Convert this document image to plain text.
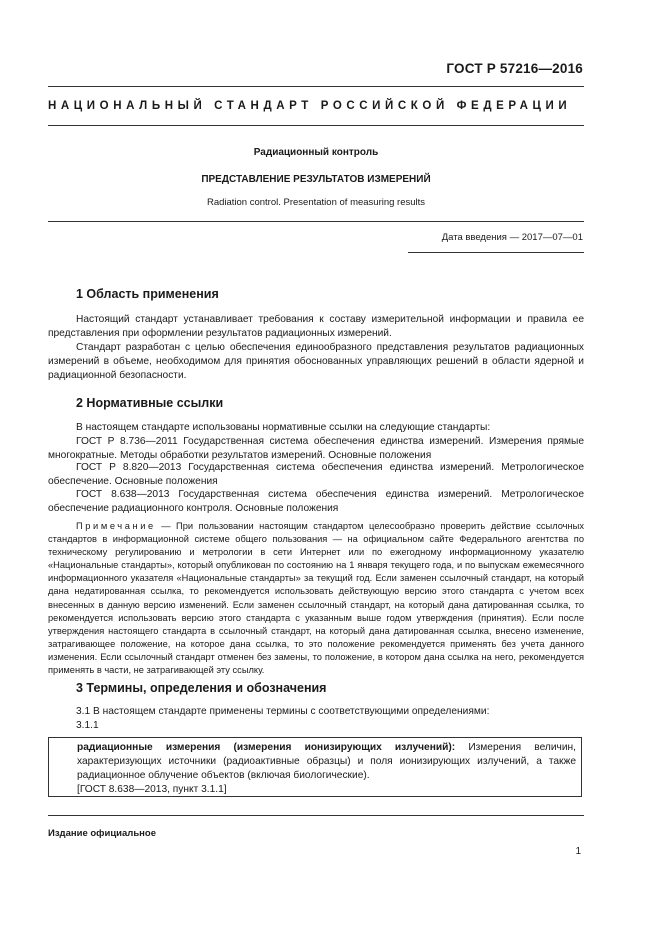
ГОСТ Р 57216—2016
НАЦИОНАЛЬНЫЙ СТАНДАРТ РОССИЙСКОЙ ФЕДЕРАЦИИ
Радиационный контроль
ПРЕДСТАВЛЕНИЕ РЕЗУЛЬТАТОВ ИЗМЕРЕНИЙ
Radiation control. Presentation of measuring results
Дата введения — 2017—07—01
1 Область применения

Настоящий стандарт устанавливает требования к составу измерительной информации и правила ее представления при оформлении результатов радиационных измерений.

Стандарт разработан с целью обеспечения единообразного представления результатов радиационных измерений в объеме, необходимом для принятия обоснованных управляющих решений в области ядерной и радиационной безопасности.

2 Нормативные ссылки

В настоящем стандарте использованы нормативные ссылки на следующие стандарты:

ГОСТ Р 8.736—2011 Государственная система обеспечения единства измерений. Измерения прямые многократные. Методы обработки результатов измерений. Основные положения

ГОСТ Р 8.820—2013 Государственная система обеспечения единства измерений. Метрологическое обеспечение. Основные положения

ГОСТ 8.638—2013 Государственная система обеспечения единства измерений. Метрологическое обеспечение радиационного контроля. Основные положения

Примечание — При пользовании настоящим стандартом целесообразно проверить действие ссылочных стандартов в информационной системе общего пользования — на официальном сайте Федерального агентства по техническому регулированию и метрологии в сети Интернет или по ежегодному информационному указателю «Национальные стандарты», который опубликован по состоянию на 1 января текущего года, и по выпускам ежемесячного информационного указателя «Национальные стандарты» за текущий год. Если заменен ссылочный стандарт, на который дана недатированная ссылка, то рекомендуется использовать действующую версию этого стандарта с учетом всех внесенных в данную версию изменений. Если заменен ссылочный стандарт, на который дана датированная ссылка, то рекомендуется использовать версию этого стандарта с указанным выше годом утверждения (принятия). Если после утверждения настоящего стандарта в ссылочный стандарт, на который дана датированная ссылка, внесено изменение, затрагивающее положение, на которое дана ссылка, то это положение рекомендуется применять без учета данного изменения. Если ссылочный стандарт отменен без замены, то положение, в котором дана ссылка на него, рекомендуется применять в части, не затрагивающей эту ссылку.

3 Термины, определения и обозначения

3.1 В настоящем стандарте применены термины с соответствующими определениями:

3.1.1

радиационные измерения (измерения ионизирующих излучений): Измерения величин, характеризующих источники (радиоактивные образцы) и поля ионизирующих излучений, а также радиационное облучение объектов (включая биологические).
[ГОСТ 8.638—2013, пункт 3.1.1]
Издание официальное
1
